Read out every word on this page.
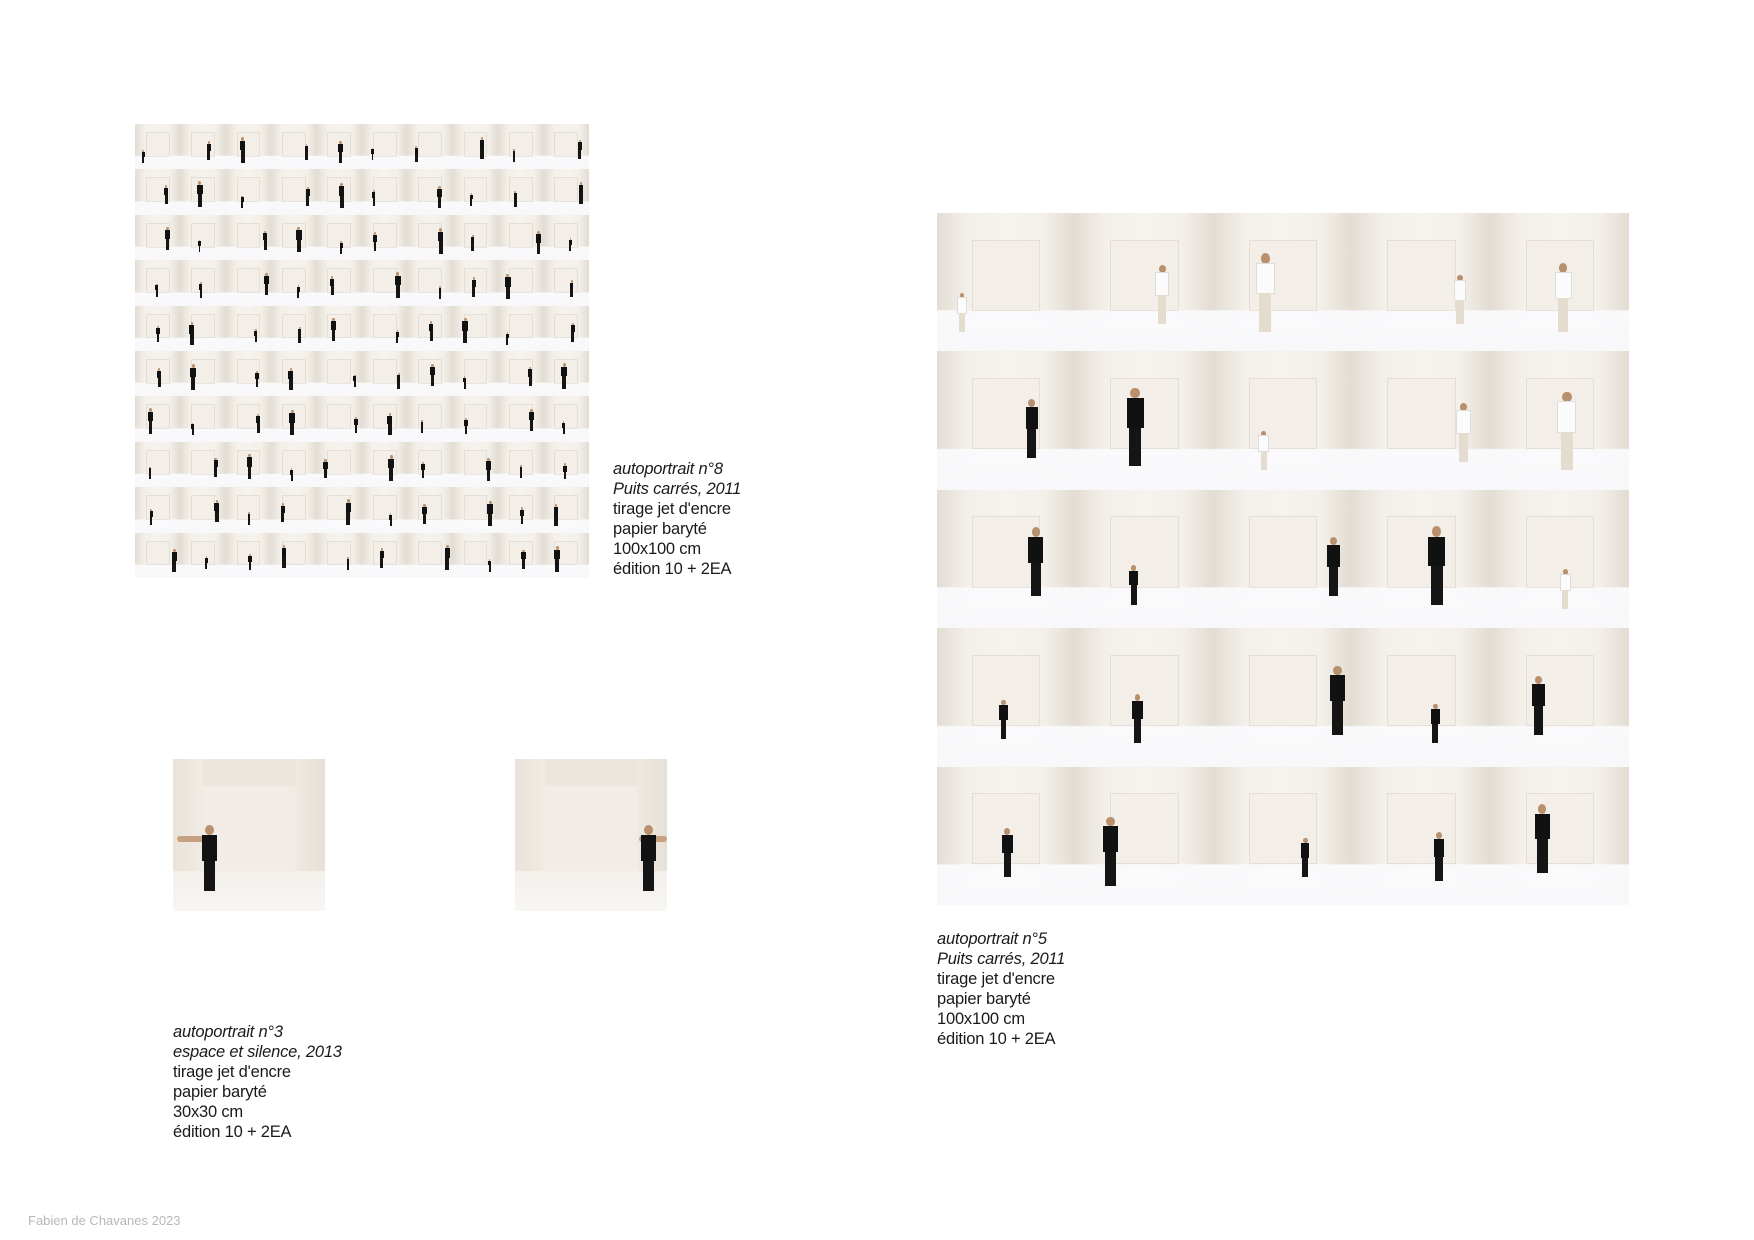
autoportrait n°8
Puits carrés, 2011
tirage jet d'encre
papier baryté
100x100 cm
édition 10 + 2EA
autoportrait n°5
Puits carrés, 2011
tirage jet d'encre
papier baryté
100x100 cm
édition 10 + 2EA
autoportrait n°3
espace et silence, 2013
tirage jet d'encre
papier baryté
30x30 cm
édition 10 + 2EA
Fabien de Chavanes 2023
